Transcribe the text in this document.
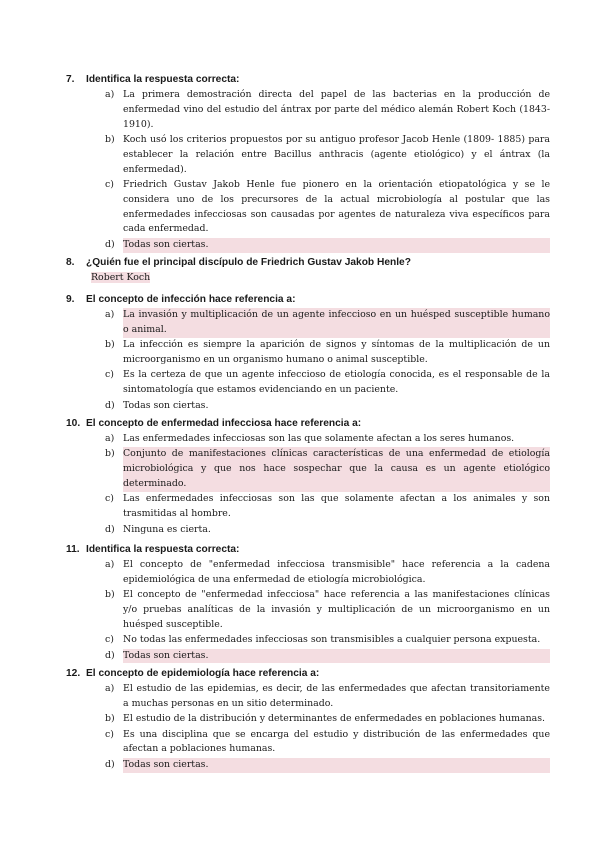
7. Identifica la respuesta correcta:
a) La primera demostración directa del papel de las bacterias en la producción de enfermedad vino del estudio del ántrax por parte del médico alemán Robert Koch (1843-1910).
b) Koch usó los criterios propuestos por su antiguo profesor Jacob Henle (1809- 1885) para establecer la relación entre Bacillus anthracis (agente etiológico) y el ántrax (la enfermedad).
c) Friedrich Gustav Jakob Henle fue pionero en la orientación etiopatológica y se le considera uno de los precursores de la actual microbiología al postular que las enfermedades infecciosas son causadas por agentes de naturaleza viva específicos para cada enfermedad.
d) Todas son ciertas.
8. ¿Quién fue el principal discípulo de Friedrich Gustav Jakob Henle?
Robert Koch
9. El concepto de infección hace referencia a:
a) La invasión y multiplicación de un agente infeccioso en un huésped susceptible humano o animal.
b) La infección es siempre la aparición de signos y síntomas de la multiplicación de un microorganismo en un organismo humano o animal susceptible.
c) Es la certeza de que un agente infeccioso de etiología conocida, es el responsable de la sintomatología que estamos evidenciando en un paciente.
d) Todas son ciertas.
10. El concepto de enfermedad infecciosa hace referencia a:
a) Las enfermedades infecciosas son las que solamente afectan a los seres humanos.
b) Conjunto de manifestaciones clínicas características de una enfermedad de etiología microbiológica y que nos hace sospechar que la causa es un agente etiológico determinado.
c) Las enfermedades infecciosas son las que solamente afectan a los animales y son trasmitidas al hombre.
d) Ninguna es cierta.
11. Identifica la respuesta correcta:
a) El concepto de "enfermedad infecciosa transmisible" hace referencia a la cadena epidemiológica de una enfermedad de etiología microbiológica.
b) El concepto de "enfermedad infecciosa" hace referencia a las manifestaciones clínicas y/o pruebas analíticas de la invasión y multiplicación de un microorganismo en un huésped susceptible.
c) No todas las enfermedades infecciosas son transmisibles a cualquier persona expuesta.
d) Todas son ciertas.
12. El concepto de epidemiología hace referencia a:
a) El estudio de las epidemias, es decir, de las enfermedades que afectan transitoriamente a muchas personas en un sitio determinado.
b) El estudio de la distribución y determinantes de enfermedades en poblaciones humanas.
c) Es una disciplina que se encarga del estudio y distribución de las enfermedades que afectan a poblaciones humanas.
d) Todas son ciertas.
